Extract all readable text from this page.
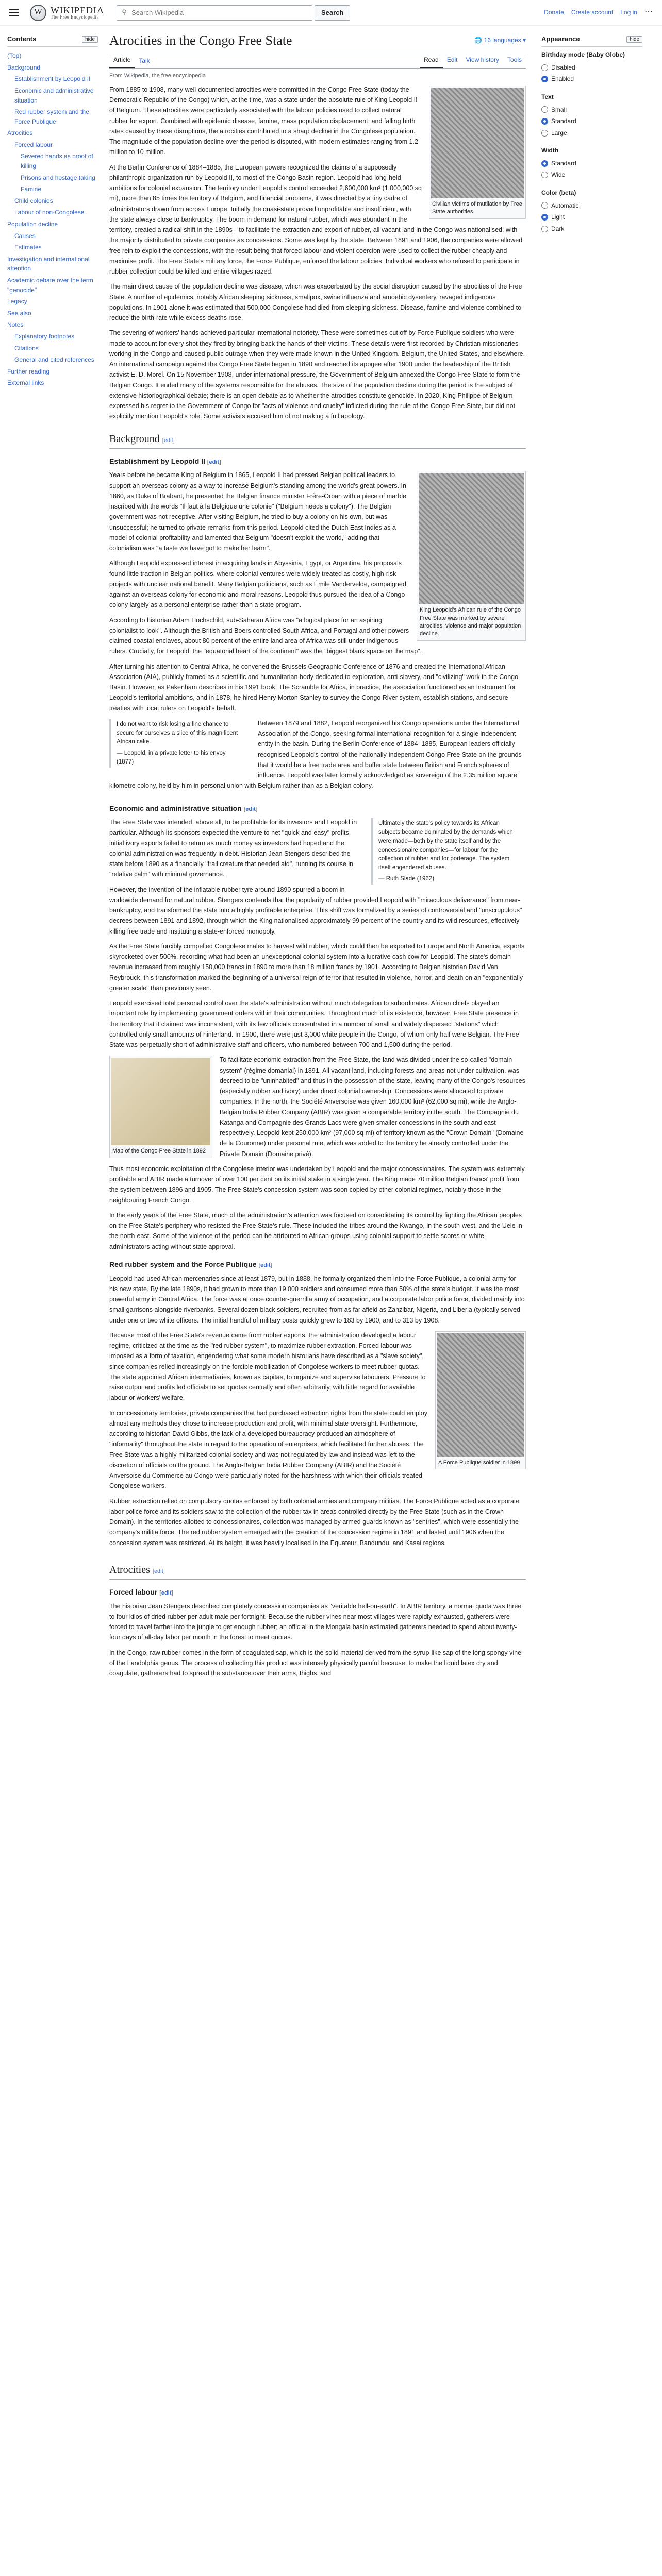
W WIKIPEDIA
The Free Encyclopedia
⚲
Search Wikipedia	Search	Donate Create account Log in ⋯
Contents	hide
(Top)
Background
Establishment by Leopold II
Economic and administrative situation
Red rubber system and the Force Publique
Atrocities
Forced labour
Severed hands as proof of killing
Prisons and hostage taking
Famine
Child colonies
Labour of non-Congolese
Population decline
Causes
Estimates
Investigation and international attention
Academic debate over the term "genocide"
Legacy
See also
Notes
Explanatory footnotes
Citations
General and cited references
Further reading
External links
Atrocities in the Congo Free State	🌐 16 languages ▾
Article	Talk	Read	Edit	View history	Tools
From Wikipedia, the free encyclopedia
Civilian victims of mutilation by Free State authorities

From 1885 to 1908, many well-documented atrocities were committed in the Congo Free State (today the Democratic Republic of the Congo) which, at the time, was a state under the absolute rule of King Leopold II of Belgium. These atrocities were particularly associated with the labour policies used to collect natural rubber for export. Combined with epidemic disease, famine, mass population displacement, and falling birth rates caused by these disruptions, the atrocities contributed to a sharp decline in the Congolese population. The magnitude of the population decline over the period is disputed, with modern estimates ranging from 1.2 million to 10 million.

At the Berlin Conference of 1884–1885, the European powers recognized the claims of a supposedly philanthropic organization run by Leopold II, to most of the Congo Basin region. Leopold had long-held ambitions for colonial expansion. The territory under Leopold's control exceeded 2,600,000 km² (1,000,000 sq mi), more than 85 times the territory of Belgium, and financial problems, it was directed by a tiny cadre of administrators drawn from across Europe. Initially the quasi-state proved unprofitable and insufficient, with the state always close to bankruptcy. The boom in demand for natural rubber, which was abundant in the territory, created a radical shift in the 1890s—to facilitate the extraction and export of rubber, all vacant land in the Congo was nationalised, with the majority distributed to private companies as concessions. Some was kept by the state. Between 1891 and 1906, the companies were allowed free rein to exploit the concessions, with the result being that forced labour and violent coercion were used to collect the rubber cheaply and maximise profit. The Free State's military force, the Force Publique, enforced the labour policies. Individual workers who refused to participate in rubber collection could be killed and entire villages razed.

The main direct cause of the population decline was disease, which was exacerbated by the social disruption caused by the atrocities of the Free State. A number of epidemics, notably African sleeping sickness, smallpox, swine influenza and amoebic dysentery, ravaged indigenous populations. In 1901 alone it was estimated that 500,000 Congolese had died from sleeping sickness. Disease, famine and violence combined to reduce the birth-rate while excess deaths rose.

The severing of workers' hands achieved particular international notoriety. These were sometimes cut off by Force Publique soldiers who were made to account for every shot they fired by bringing back the hands of their victims. These details were first recorded by Christian missionaries working in the Congo and caused public outrage when they were made known in the United Kingdom, Belgium, the United States, and elsewhere. An international campaign against the Congo Free State began in 1890 and reached its apogee after 1900 under the leadership of the British activist E. D. Morel. On 15 November 1908, under international pressure, the Government of Belgium annexed the Congo Free State to form the Belgian Congo. It ended many of the systems responsible for the abuses. The size of the population decline during the period is the subject of extensive historiographical debate; there is an open debate as to whether the atrocities constitute genocide. In 2020, King Philippe of Belgium expressed his regret to the Government of Congo for "acts of violence and cruelty" inflicted during the rule of the Congo Free State, but did not explicitly mention Leopold's role. Some activists accused him of not making a full apology.

Background [edit]
Establishment by Leopold II [edit]
King Leopold's African rule of the Congo Free State was marked by severe atrocities, violence and major population decline.

Years before he became King of Belgium in 1865, Leopold II had pressed Belgian political leaders to support an overseas colony as a way to increase Belgium's standing among the world's great powers. In 1860, as Duke of Brabant, he presented the Belgian finance minister Frère-Orban with a piece of marble inscribed with the words "Il faut à la Belgique une colonie" ("Belgium needs a colony"). The Belgian government was not receptive. After visiting Belgium, he tried to buy a colony on his own, but was unsuccessful; he turned to private remarks from this period. Leopold cited the Dutch East Indies as a model of colonial profitability and lamented that Belgium "doesn't exploit the world," adding that colonialism was "a taste we have got to make her learn".

Although Leopold expressed interest in acquiring lands in Abyssinia, Egypt, or Argentina, his proposals found little traction in Belgian politics, where colonial ventures were widely treated as costly, high-risk projects with unclear national benefit. Many Belgian politicians, such as Émile Vandervelde, campaigned against an overseas colony for economic and moral reasons. Leopold thus pursued the idea of a Congo colony largely as a personal enterprise rather than a state program.

According to historian Adam Hochschild, sub-Saharan Africa was "a logical place for an aspiring colonialist to look". Although the British and Boers controlled South Africa, and Portugal and other powers claimed coastal enclaves, about 80 percent of the entire land area of Africa was still under indigenous rulers. Crucially, for Leopold, the "equatorial heart of the continent" was the "biggest blank space on the map".

After turning his attention to Central Africa, he convened the Brussels Geographic Conference of 1876 and created the International African Association (AIA), publicly framed as a scientific and humanitarian body dedicated to exploration, anti-slavery, and "civilizing" work in the Congo Basin. However, as Pakenham describes in his 1991 book, The Scramble for Africa, in practice, the association functioned as an instrument for Leopold's territorial ambitions, and in 1878, he hired Henry Morton Stanley to survey the Congo River system, establish stations, and secure treaties with local rulers on Leopold's behalf.

I do not want to risk losing a fine chance to secure for ourselves a slice of this magnificent African cake.
— Leopold, in a private letter to his envoy (1877)

Between 1879 and 1882, Leopold reorganized his Congo operations under the International Association of the Congo, seeking formal international recognition for a single independent entity in the basin. During the Berlin Conference of 1884–1885, European leaders officially recognised Leopold's control of the nationally-independent Congo Free State on the grounds that it would be a free trade area and buffer state between British and French spheres of influence. Leopold was later formally acknowledged as sovereign of the 2.35 million square kilometre colony, held by him in personal union with Belgium rather than as a Belgian colony.

Economic and administrative situation [edit]
Ultimately the state's policy towards its African subjects became dominated by the demands which were made—both by the state itself and by the concessionaire companies—for labour for the collection of rubber and for porterage. The system itself engendered abuses.
— Ruth Slade (1962)

The Free State was intended, above all, to be profitable for its investors and Leopold in particular. Although its sponsors expected the venture to net "quick and easy" profits, initial ivory exports failed to return as much money as investors had hoped and the colonial administration was frequently in debt. Historian Jean Stengers described the state before 1890 as a financially "frail creature that needed aid", running its course in "relative calm" with minimal governance.

However, the invention of the inflatable rubber tyre around 1890 spurred a boom in worldwide demand for natural rubber. Stengers contends that the popularity of rubber provided Leopold with "miraculous deliverance" from near-bankruptcy, and transformed the state into a highly profitable enterprise. This shift was formalized by a series of controversial and "unscrupulous" decrees between 1891 and 1892, through which the King nationalised approximately 99 percent of the country and its wild resources, effectively killing free trade and instituting a state-enforced monopoly.

As the Free State forcibly compelled Congolese males to harvest wild rubber, which could then be exported to Europe and North America, exports skyrocketed over 500%, recording what had been an unexceptional colonial system into a lucrative cash cow for Leopold. The state's domain revenue increased from roughly 150,000 francs in 1890 to more than 18 million francs by 1901. According to Belgian historian David Van Reybrouck, this transformation marked the beginning of a universal reign of terror that resulted in violence, horror, and death on an "exponentially greater scale" than previously seen.

Leopold exercised total personal control over the state's administration without much delegation to subordinates. African chiefs played an important role by implementing government orders within their communities. Throughout much of its existence, however, Free State presence in the territory that it claimed was inconsistent, with its few officials concentrated in a number of small and widely dispersed "stations" which controlled only small amounts of hinterland. In 1900, there were just 3,000 white people in the Congo, of whom only half were Belgian. The Free State was perpetually short of administrative staff and officers, who numbered between 700 and 1,500 during the period.

Map of the Congo Free State in 1892

To facilitate economic extraction from the Free State, the land was divided under the so-called "domain system" (régime domanial) in 1891. All vacant land, including forests and areas not under cultivation, was decreed to be "uninhabited" and thus in the possession of the state, leaving many of the Congo's resources (especially rubber and ivory) under direct colonial ownership. Concessions were allocated to private companies. In the north, the Société Anversoise was given 160,000 km² (62,000 sq mi), while the Anglo-Belgian India Rubber Company (ABIR) was given a comparable territory in the south. The Compagnie du Katanga and Compagnie des Grands Lacs were given smaller concessions in the south and east respectively. Leopold kept 250,000 km² (97,000 sq mi) of territory known as the "Crown Domain" (Domaine de la Couronne) under personal rule, which was added to the territory he already controlled under the Private Domain (Domaine privé).

Thus most economic exploitation of the Congolese interior was undertaken by Leopold and the major concessionaires. The system was extremely profitable and ABIR made a turnover of over 100 per cent on its initial stake in a single year. The King made 70 million Belgian francs' profit from the system between 1896 and 1905. The Free State's concession system was soon copied by other colonial regimes, notably those in the neighbouring French Congo.

In the early years of the Free State, much of the administration's attention was focused on consolidating its control by fighting the African peoples on the Free State's periphery who resisted the Free State's rule. These included the tribes around the Kwango, in the south-west, and the Uele in the north-east. Some of the violence of the period can be attributed to African groups using colonial support to settle scores or white administrators acting without state approval.

Red rubber system and the Force Publique [edit]

Leopold had used African mercenaries since at least 1879, but in 1888, he formally organized them into the Force Publique, a colonial army for his new state. By the late 1890s, it had grown to more than 19,000 soldiers and consumed more than 50% of the state's budget. It was the most powerful army in Central Africa. The force was at once counter-guerrilla army of occupation, and a corporate labor police force, divided mainly into small garrisons alongside riverbanks. Several dozen black soldiers, recruited from as far afield as Zanzibar, Nigeria, and Liberia (typically served under one or two white officers. The initial handful of military posts quickly grew to 183 by 1900, and to 313 by 1908.

A Force Publique soldier in 1899

Because most of the Free State's revenue came from rubber exports, the administration developed a labour regime, criticized at the time as the "red rubber system", to maximize rubber extraction. Forced labour was imposed as a form of taxation, engendering what some modern historians have described as a "slave society", since companies relied increasingly on the forcible mobilization of Congolese workers to meet rubber quotas. The state appointed African intermediaries, known as capitas, to organize and supervise labourers. Pressure to raise output and profits led officials to set quotas centrally and often arbitrarily, with little regard for available labour or workers' welfare.

In concessionary territories, private companies that had purchased extraction rights from the state could employ almost any methods they chose to increase production and profit, with minimal state oversight. Furthermore, according to historian David Gibbs, the lack of a developed bureaucracy produced an atmosphere of "informality" throughout the state in regard to the operation of enterprises, which facilitated further abuses. The Free State was a highly militarized colonial society and was not regulated by law and instead was left to the discretion of officials on the ground. The Anglo-Belgian India Rubber Company (ABIR) and the Société Anversoise du Commerce au Congo were particularly noted for the harshness with which their officials treated Congolese workers.

Rubber extraction relied on compulsory quotas enforced by both colonial armies and company militias. The Force Publique acted as a corporate labor police force and its soldiers saw to the collection of the rubber tax in areas controlled directly by the Free State (such as in the Crown Domain). In the territories allotted to concessionaires, collection was managed by armed guards known as "sentries", which were essentially the company's militia force. The red rubber system emerged with the creation of the concession regime in 1891 and lasted until 1906 when the concession system was restricted. At its height, it was heavily localised in the Equateur, Bandundu, and Kasai regions.

Atrocities [edit]
Forced labour [edit]

The historian Jean Stengers described completely concession companies as "veritable hell-on-earth". In ABIR territory, a normal quota was three to four kilos of dried rubber per adult male per fortnight. Because the rubber vines near most villages were rapidly exhausted, gatherers were forced to travel farther into the jungle to get enough rubber; an official in the Mongala basin estimated gatherers needed to spend about twenty-four days of all-day labor per month in the forest to meet quotas.

In the Congo, raw rubber comes in the form of coagulated sap, which is the solid material derived from the syrup-like sap of the long spongy vine of the Landolphia genus. The process of collecting this product was intensely physically painful because, to make the liquid latex dry and coagulate, gatherers had to spread the substance over their arms, thighs, and

Appearance	hide
Birthday mode (Baby Globe)
Disabled
Enabled
Text
Small
Standard
Large
Width
Standard
Wide
Color (beta)
Automatic
Light
Dark
